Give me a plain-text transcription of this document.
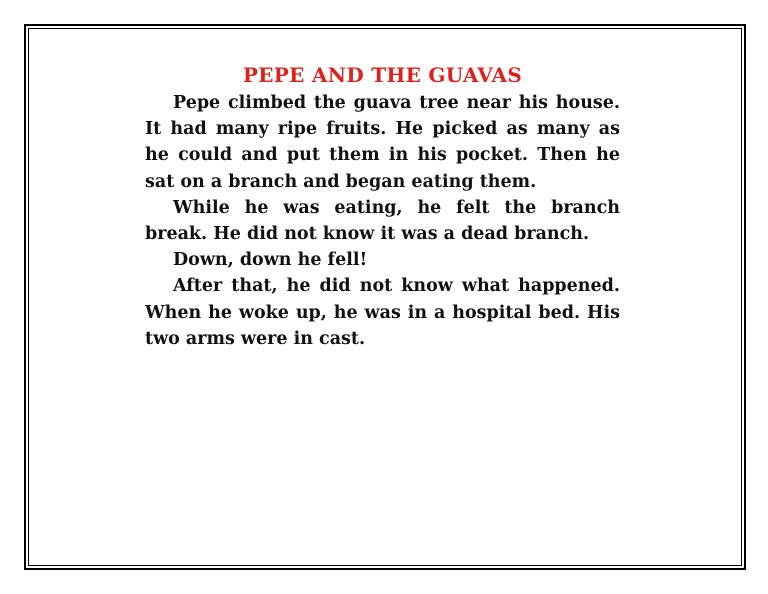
PEPE AND THE GUAVAS

Pepe climbed the guava tree near his house. It had many ripe fruits. He picked as many as he could and put them in his pocket. Then he sat on a branch and began eating them.

While he was eating, he felt the branch break. He did not know it was a dead branch.

Down, down he fell!

After that, he did not know what happened. When he woke up, he was in a hospital bed. His two arms were in cast.
